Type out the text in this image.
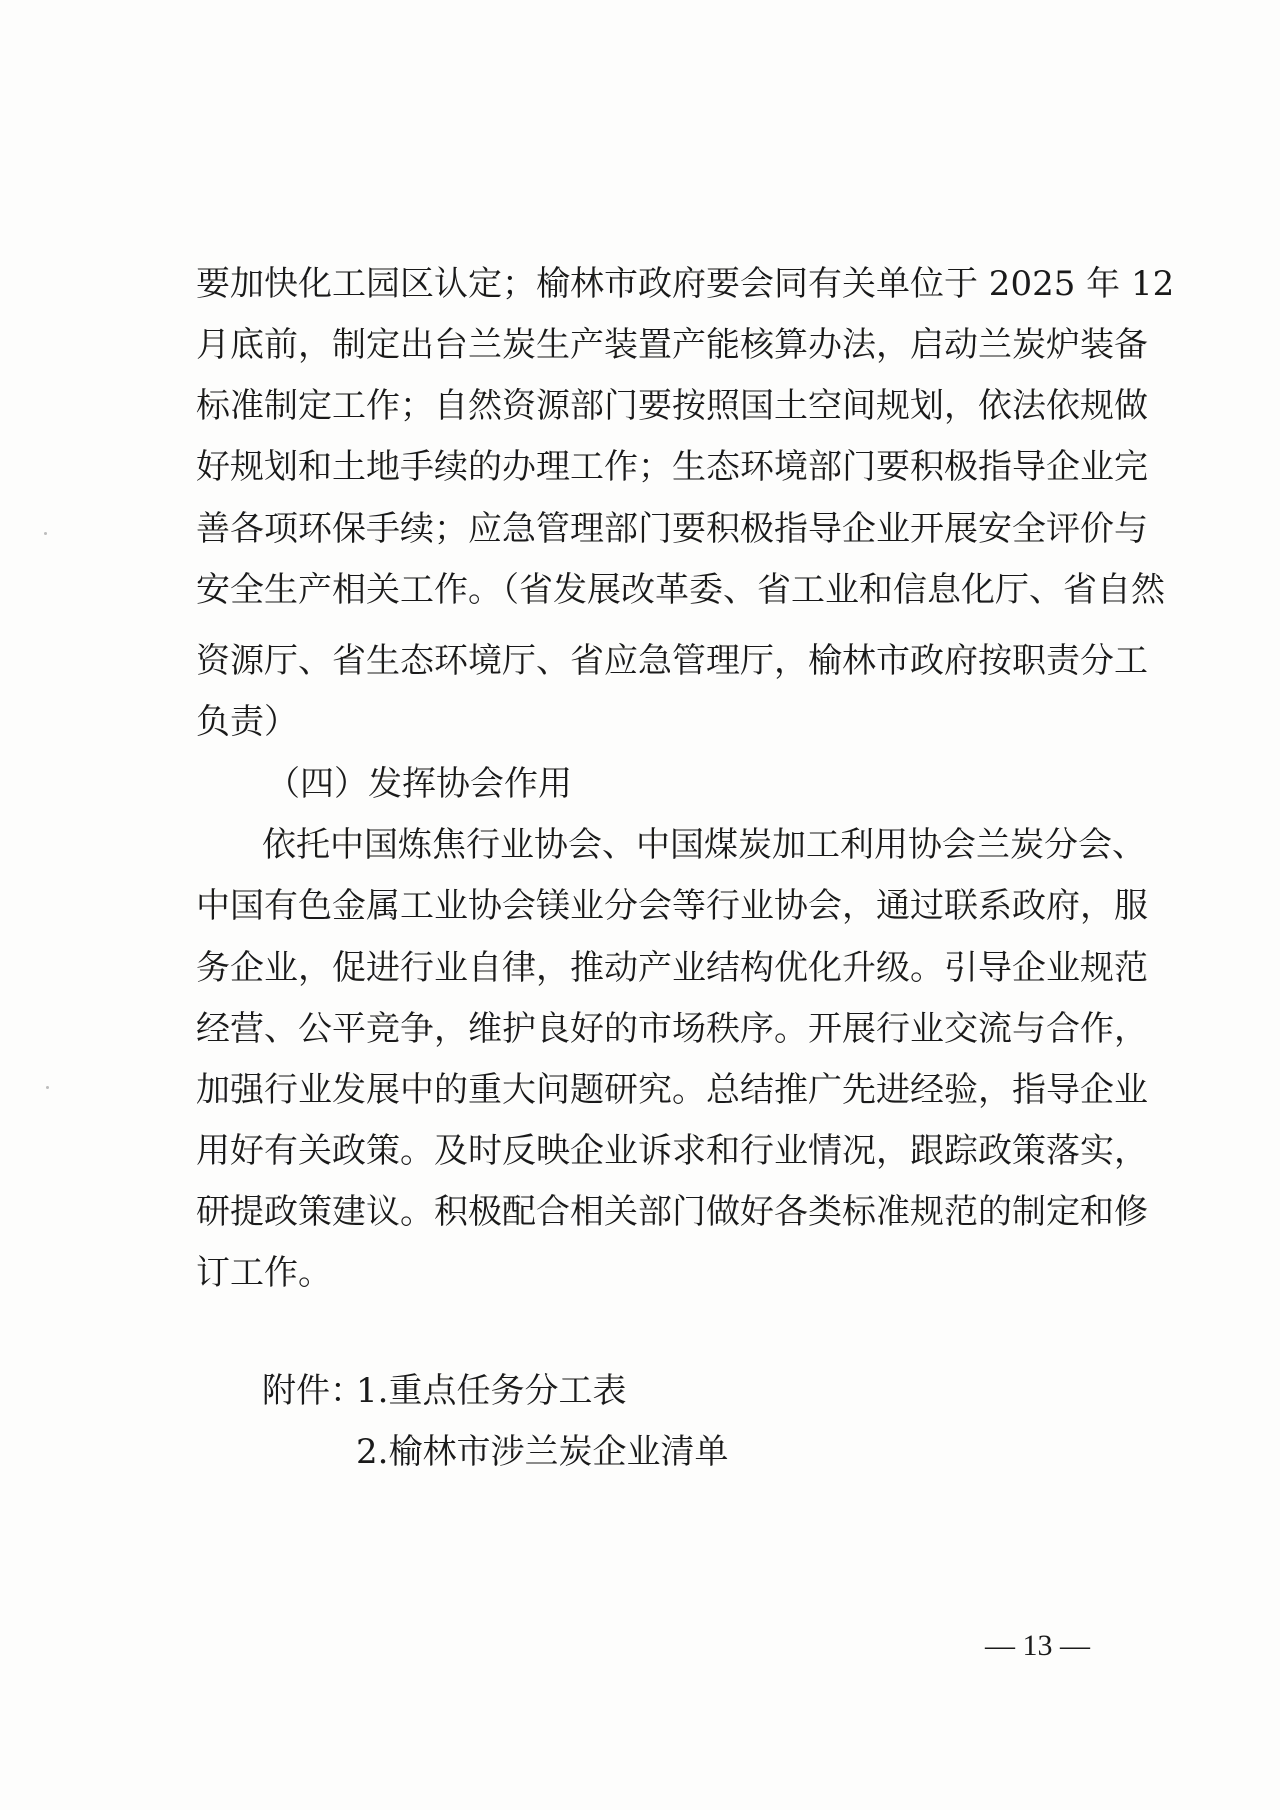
要加快化工园区认定；榆林市政府要会同有关单位于 2025 年 12
月底前，制定出台兰炭生产装置产能核算办法，启动兰炭炉装备
标准制定工作；自然资源部门要按照国土空间规划，依法依规做
好规划和土地手续的办理工作；生态环境部门要积极指导企业完
善各项环保手续；应急管理部门要积极指导企业开展安全评价与
安全生产相关工作。（省发展改革委、省工业和信息化厅、省自然
资源厅、省生态环境厅、省应急管理厅，榆林市政府按职责分工
负责）
（四）发挥协会作用
依托中国炼焦行业协会、中国煤炭加工利用协会兰炭分会、
中国有色金属工业协会镁业分会等行业协会，通过联系政府，服
务企业，促进行业自律，推动产业结构优化升级。引导企业规范
经营、公平竞争，维护良好的市场秩序。开展行业交流与合作，
加强行业发展中的重大问题研究。总结推广先进经验，指导企业
用好有关政策。及时反映企业诉求和行业情况，跟踪政策落实，
研提政策建议。积极配合相关部门做好各类标准规范的制定和修
订工作。
附件：
1.重点任务分工表
2.榆林市涉兰炭企业清单
— 13 —
